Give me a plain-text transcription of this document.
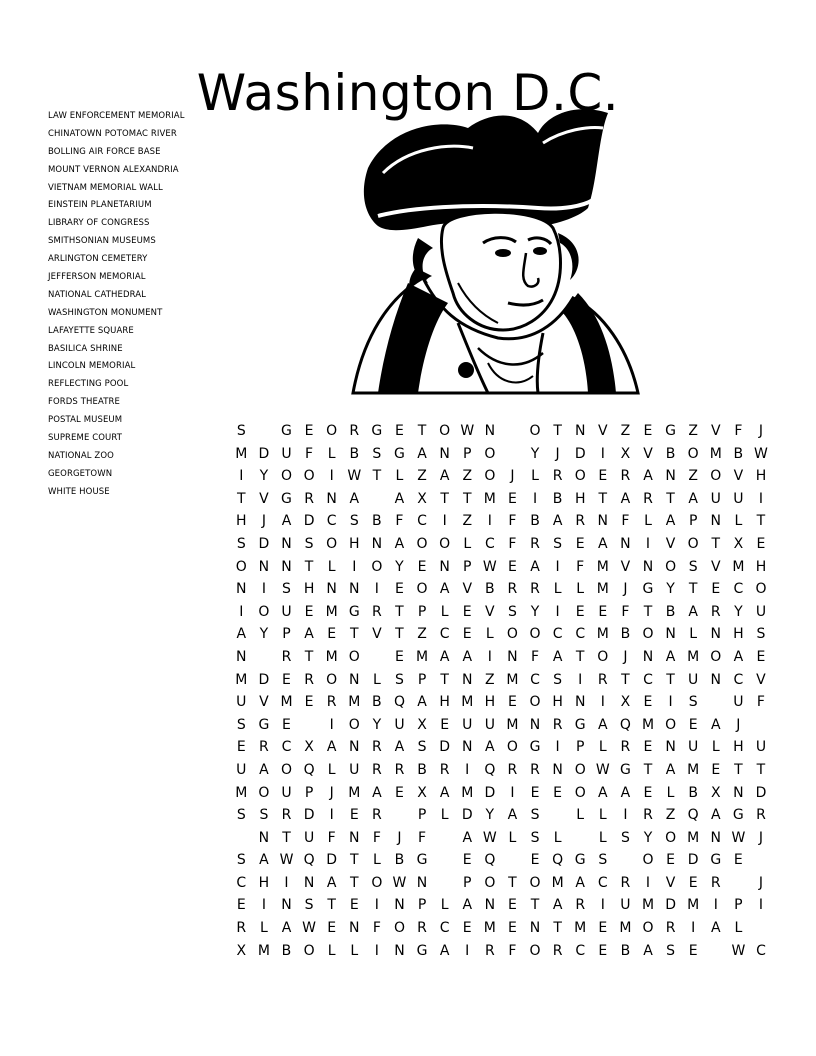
Washington D.C.
LAW ENFORCEMENT MEMORIAL
CHINATOWN POTOMAC RIVER
BOLLING AIR FORCE BASE
MOUNT VERNON ALEXANDRIA
VIETNAM MEMORIAL WALL
EINSTEIN PLANETARIUM
LIBRARY OF CONGRESS
SMITHSONIAN MUSEUMS
ARLINGTON CEMETERY
JEFFERSON MEMORIAL
NATIONAL CATHEDRAL
WASHINGTON MONUMENT
LAFAYETTE SQUARE
BASILICA SHRINE
LINCOLN MEMORIAL
REFLECTING POOL
FORDS THEATRE
POSTAL MUSEUM
SUPREME COURT
NATIONAL ZOO
GEORGETOWN
WHITE HOUSE
S	G E O R G E T O W N	O T N V Z E G Z V F	J
M D U F	L B S G A N P O	Y	J	D	I	X V B O M B W
I	Y O O	I W T	L Z A Z O	J	L R O E R A N Z O V H
T V G R N A	A X T	T M E	I	B H T A R T A U U	I
H	J	A D C S B F C	I	Z	I	F B A R N F	L A P N L	T
S D N S O H N A O O L C F R S E A N	I	V O T X E
O N N T	L	I	O Y E N P W E A	I	F M V N O S V M H
N	I	S H N N	I	E O A V B R R L	L M	J	G Y	T E C O
I	O U E M G R T	P	L	E V S Y	I	E E	F	T B A R Y U
A Y	P A E T V T Z C E	L O O C C M B O N L N H S
N	R T M O	E M A A	I	N F A T O	J	N A M O A E
M D E R O N L	S P	T N Z M C S	I	R T C T U N C V
U V M E R M B Q A H M H E O H N	I	X E	I	S	U F
S G E	I	O Y U X E U U M N R G A Q M O E A	J
E R C X A N R A S D N A O G	I	P	L R E N U L H U
U A O Q L U R R B R	I	Q R R N O W G T A M E T	T
M O U P	J	M A E X A M D	I	E E O A A E	L B X N D
S S R D	I	E R	P	L D Y A S	L	L	I	R Z Q A G R
N T U F N F	J	F	A W L	S	L	L	S Y O M N W J
S A W Q D T	L B G	E Q	E Q G S	O E D G E
C H	I	N A T O W N	P O T O M A C R	I	V E R	J
E	I	N S T E	I	N P	L A N E T A R	I	U M D M	I	P	I
R L A W E N F O R C E M E N T M E M O R	I	A L
X M B O L	L	I	N G A	I	R F O R C E B A S E	W C
